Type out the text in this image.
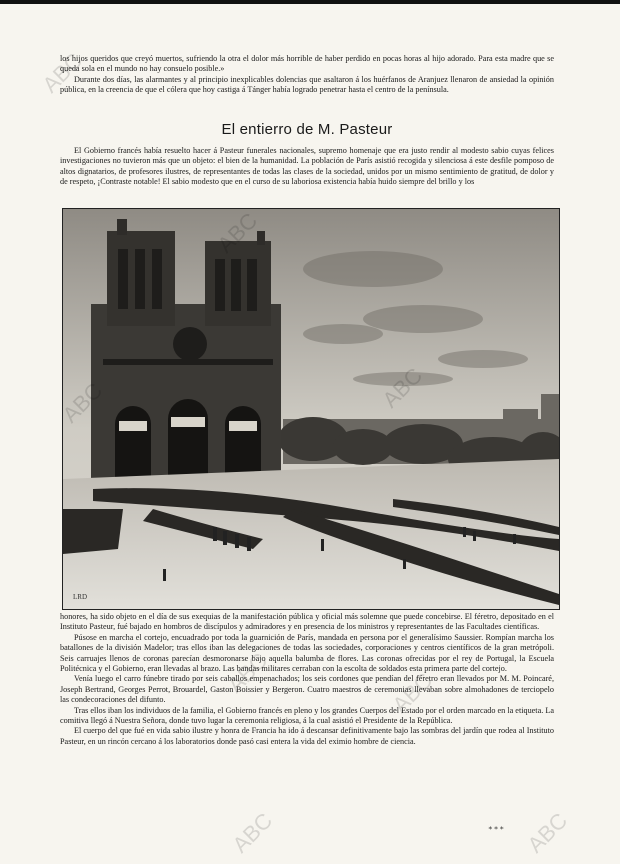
los hijos queridos que creyó muertos, sufriendo la otra el dolor más horrible de haber perdido en pocas horas al hijo adorado. Para esta madre que se queda sola en el mundo no hay consuelo posible.»

Durante dos días, las alarmantes y al principio inexplicables dolencias que asaltaron á los huérfanos de Aranjuez llenaron de ansiedad la opinión pública, en la creencia de que el cólera que hoy castiga á Tánger había logrado penetrar hasta el centro de la península.

El entierro de M. Pasteur

El Gobierno francés había resuelto hacer á Pasteur funerales nacionales, supremo homenaje que era justo rendir al modesto sabio cuyas felices investigaciones no tuvieron más que un objeto: el bien de la humanidad. La población de París asistió recogida y silenciosa á este desfile pomposo de altos dignatarios, de profesores ilustres, de representantes de todas las clases de la sociedad, unidos por un mismo sentimiento de gratitud, de dolor y de respeto, ¡Contraste notable! El sabio modesto que en el curso de su laboriosa existencia había huido siempre del brillo y los

LRD

honores, ha sido objeto en el día de sus exequias de la manifestación pública y oficial más solemne que puede concebirse. El féretro, depositado en el Instituto Pasteur, fué bajado en hombros de discípulos y admiradores y en presencia de los ministros y representantes de las Facultades científicas.

Púsose en marcha el cortejo, encuadrado por toda la guarnición de París, mandada en persona por el generalísimo Saussier. Rompían marcha los batallones de la división Madelor; tras ellos iban las delegaciones de todas las sociedades, corporaciones y centros científicos de la gran metrópoli. Seis carruajes llenos de coronas parecían desmoronarse bajo aquella balumba de flores. Las coronas ofrecidas por el rey de Portugal, la Escuela Politécnica y el Gobierno, eran llevadas al brazo. Las bandas militares cerraban con la escolta de soldados esta primera parte del cortejo.

Venía luego el carro fúnebre tirado por seis caballos empenachados; los seis cordones que pendían del féretro eran llevados por M. M. Poincaré, Joseph Bertrand, Georges Perrot, Brouardel, Gaston Boissier y Bergeron. Cuatro maestros de ceremonias llevaban sobre almohadones de terciopelo las condecoraciones del difunto.

Tras ellos iban los individuos de la familia, el Gobierno francés en pleno y los grandes Cuerpos del Estado por el orden marcado en la etiqueta. La comitiva llegó á Nuestra Señora, donde tuvo lugar la ceremonia religiosa, á la cual asistió el Presidente de la República.

El cuerpo del que fué en vida sabio ilustre y honra de Francia ha ido á descansar definitivamente bajo las sombras del jardín que rodea al Instituto Pasteur, en un rincón cercano á los laboratorios donde pasó casi entera la vida del eximio hombre de ciencia.

∗∗∗
ABC
ABC	ABC
ABC	ABC
